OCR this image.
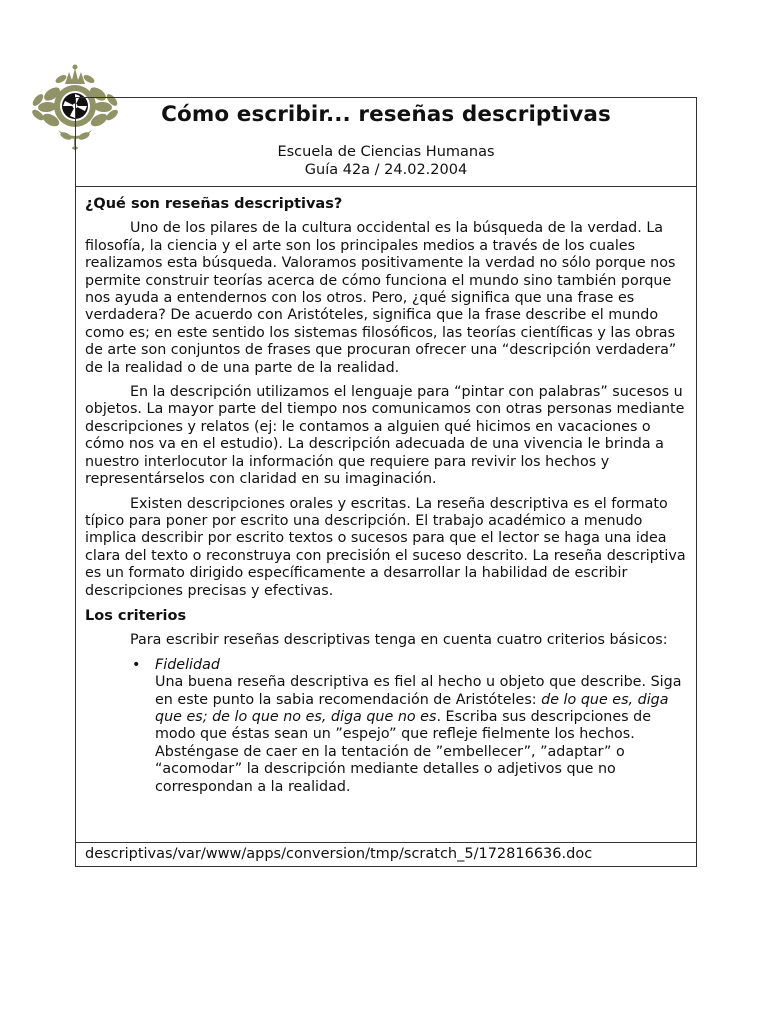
Cómo escribir... reseñas descriptivas
Escuela de Ciencias Humanas
Guía 42a / 24.02.2004
¿Qué son reseñas descriptivas?

Uno de los pilares de la cultura occidental es la búsqueda de la verdad. La filosofía, la ciencia y el arte son los principales medios a través de los cuales realizamos esta búsqueda. Valoramos positivamente la verdad no sólo porque nos permite construir teorías acerca de cómo funciona el mundo sino también porque nos ayuda a entendernos con los otros. Pero, ¿qué significa que una frase es verdadera? De acuerdo con Aristóteles, significa que la frase describe el mundo como es; en este sentido los sistemas filosóficos, las teorías científicas y las obras de arte son conjuntos de frases que procuran ofrecer una “descripción verdadera” de la realidad o de una parte de la realidad.

En la descripción utilizamos el lenguaje para “pintar con palabras” sucesos u objetos. La mayor parte del tiempo nos comunicamos con otras personas mediante descripciones y relatos (ej: le contamos a alguien qué hicimos en vacaciones o cómo nos va en el estudio). La descripción adecuada de una vivencia le brinda a nuestro interlocutor la información que requiere para revivir los hechos y representárselos con claridad en su imaginación.

Existen descripciones orales y escritas. La reseña descriptiva es el formato típico para poner por escrito una descripción. El trabajo académico a menudo implica describir por escrito textos o sucesos para que el lector se haga una idea clara del texto o reconstruya con precisión el suceso descrito. La reseña descriptiva es un formato dirigido específicamente a desarrollar la habilidad de escribir descripciones precisas y efectivas.

Los criterios

Para escribir reseñas descriptivas tenga en cuenta cuatro criterios básicos:

• Fidelidad
Una buena reseña descriptiva es fiel al hecho u objeto que describe. Siga en este punto la sabia recomendación de Aristóteles: de lo que es, diga que es; de lo que no es, diga que no es. Escriba sus descripciones de modo que éstas sean un ”espejo” que refleje fielmente los hechos. Absténgase de caer en la tentación de ”embellecer”, ”adaptar” o “acomodar” la descripción mediante detalles o adjetivos que no correspondan a la realidad.
descriptivas/var/www/apps/conversion/tmp/scratch_5/172816636.doc
